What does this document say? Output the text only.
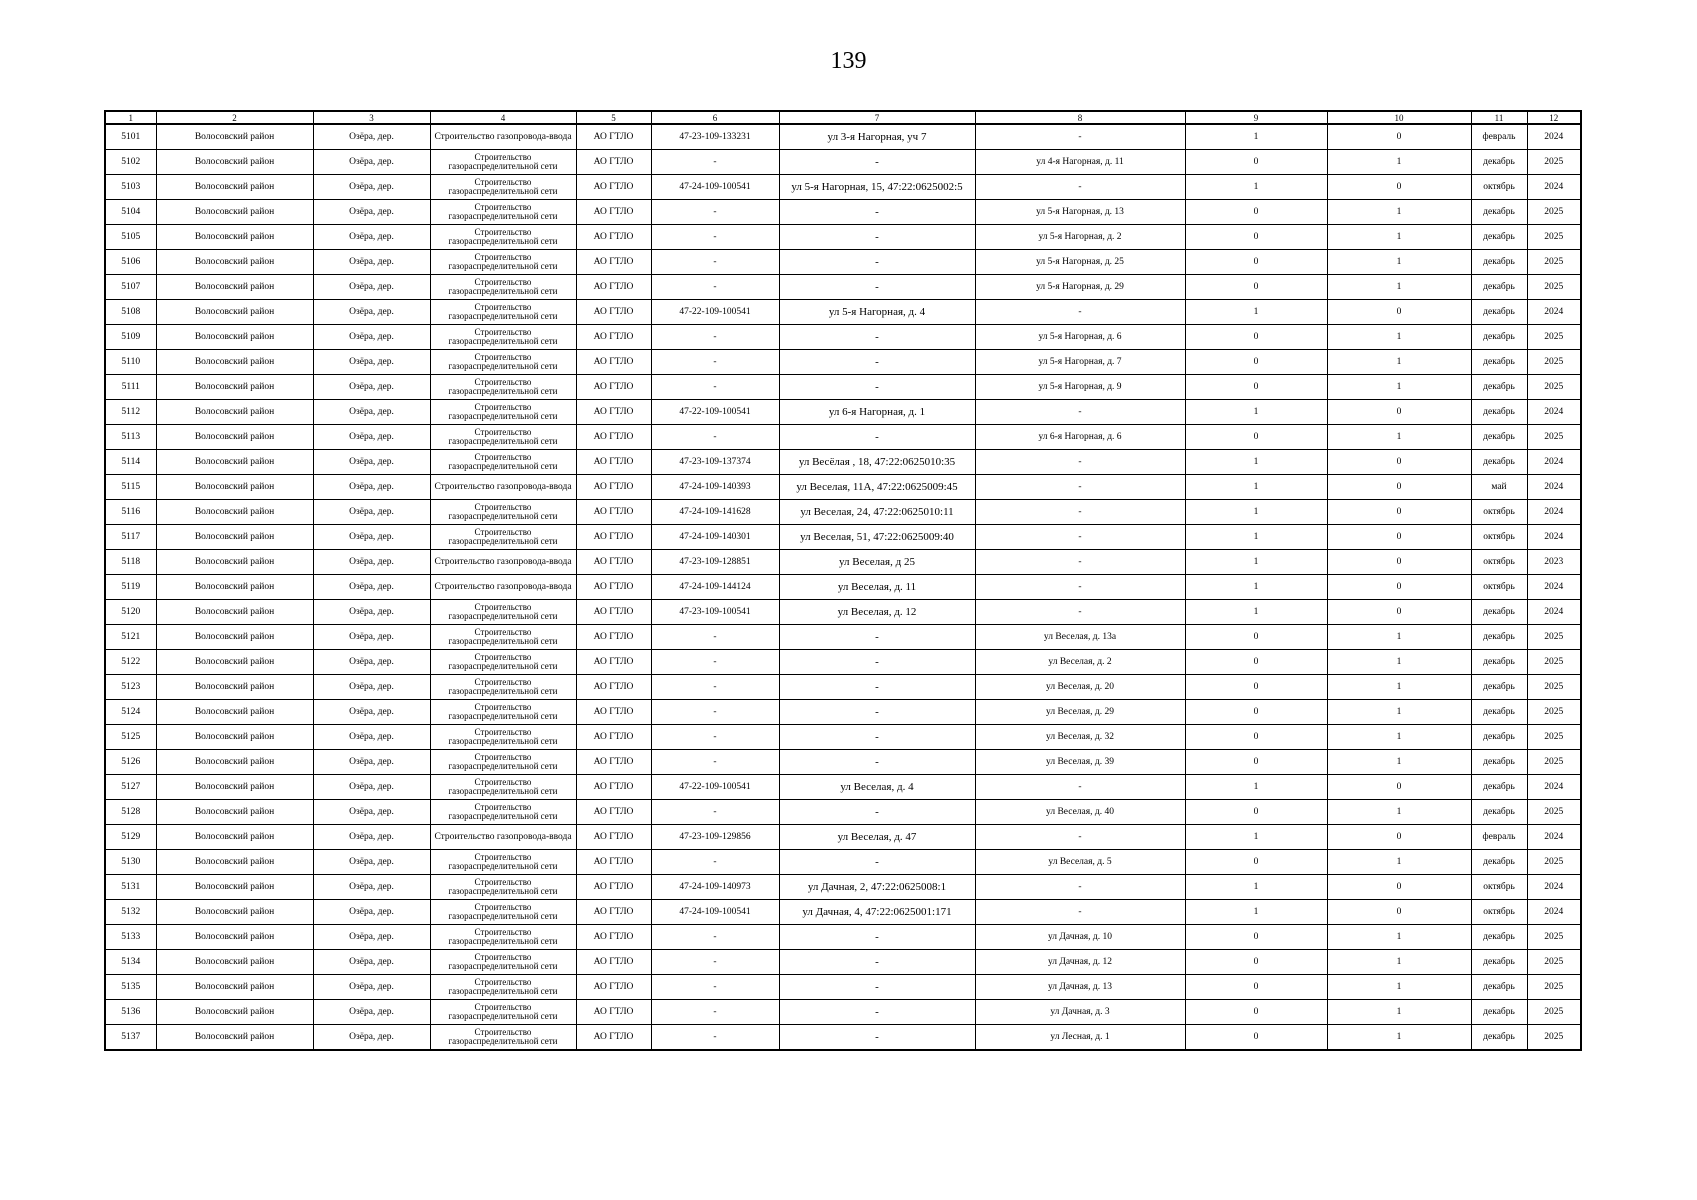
139
1	2	3	4	5	6	7	8	9	10	11	12
5101	Волосовский район	Озёра, дер.	Строительство газопровода-ввода	АО ГТЛО	47-23-109-133231	ул 3-я Нагорная, уч 7	-	1	0	февраль	2024
5102	Волосовский район	Озёра, дер.	Строительство газораспределительной сети	АО ГТЛО	-	-	ул 4-я Нагорная, д. 11	0	1	декабрь	2025
5103	Волосовский район	Озёра, дер.	Строительство газораспределительной сети	АО ГТЛО	47-24-109-100541	ул 5-я Нагорная, 15, 47:22:0625002:5	-	1	0	октябрь	2024
5104	Волосовский район	Озёра, дер.	Строительство газораспределительной сети	АО ГТЛО	-	-	ул 5-я Нагорная, д. 13	0	1	декабрь	2025
5105	Волосовский район	Озёра, дер.	Строительство газораспределительной сети	АО ГТЛО	-	-	ул 5-я Нагорная, д. 2	0	1	декабрь	2025
5106	Волосовский район	Озёра, дер.	Строительство газораспределительной сети	АО ГТЛО	-	-	ул 5-я Нагорная, д. 25	0	1	декабрь	2025
5107	Волосовский район	Озёра, дер.	Строительство газораспределительной сети	АО ГТЛО	-	-	ул 5-я Нагорная, д. 29	0	1	декабрь	2025
5108	Волосовский район	Озёра, дер.	Строительство газораспределительной сети	АО ГТЛО	47-22-109-100541	ул 5-я Нагорная, д. 4	-	1	0	декабрь	2024
5109	Волосовский район	Озёра, дер.	Строительство газораспределительной сети	АО ГТЛО	-	-	ул 5-я Нагорная, д. 6	0	1	декабрь	2025
5110	Волосовский район	Озёра, дер.	Строительство газораспределительной сети	АО ГТЛО	-	-	ул 5-я Нагорная, д. 7	0	1	декабрь	2025
5111	Волосовский район	Озёра, дер.	Строительство газораспределительной сети	АО ГТЛО	-	-	ул 5-я Нагорная, д. 9	0	1	декабрь	2025
5112	Волосовский район	Озёра, дер.	Строительство газораспределительной сети	АО ГТЛО	47-22-109-100541	ул 6-я Нагорная, д. 1	-	1	0	декабрь	2024
5113	Волосовский район	Озёра, дер.	Строительство газораспределительной сети	АО ГТЛО	-	-	ул 6-я Нагорная, д. 6	0	1	декабрь	2025
5114	Волосовский район	Озёра, дер.	Строительство газораспределительной сети	АО ГТЛО	47-23-109-137374	ул Весёлая , 18, 47:22:0625010:35	-	1	0	декабрь	2024
5115	Волосовский район	Озёра, дер.	Строительство газопровода-ввода	АО ГТЛО	47-24-109-140393	ул Веселая, 11А, 47:22:0625009:45	-	1	0	май	2024
5116	Волосовский район	Озёра, дер.	Строительство газораспределительной сети	АО ГТЛО	47-24-109-141628	ул Веселая, 24, 47:22:0625010:11	-	1	0	октябрь	2024
5117	Волосовский район	Озёра, дер.	Строительство газораспределительной сети	АО ГТЛО	47-24-109-140301	ул Веселая, 51, 47:22:0625009:40	-	1	0	октябрь	2024
5118	Волосовский район	Озёра, дер.	Строительство газопровода-ввода	АО ГТЛО	47-23-109-128851	ул Веселая, д 25	-	1	0	октябрь	2023
5119	Волосовский район	Озёра, дер.	Строительство газопровода-ввода	АО ГТЛО	47-24-109-144124	ул Веселая, д. 11	-	1	0	октябрь	2024
5120	Волосовский район	Озёра, дер.	Строительство газораспределительной сети	АО ГТЛО	47-23-109-100541	ул Веселая, д. 12	-	1	0	декабрь	2024
5121	Волосовский район	Озёра, дер.	Строительство газораспределительной сети	АО ГТЛО	-	-	ул Веселая, д. 13а	0	1	декабрь	2025
5122	Волосовский район	Озёра, дер.	Строительство газораспределительной сети	АО ГТЛО	-	-	ул Веселая, д. 2	0	1	декабрь	2025
5123	Волосовский район	Озёра, дер.	Строительство газораспределительной сети	АО ГТЛО	-	-	ул Веселая, д. 20	0	1	декабрь	2025
5124	Волосовский район	Озёра, дер.	Строительство газораспределительной сети	АО ГТЛО	-	-	ул Веселая, д. 29	0	1	декабрь	2025
5125	Волосовский район	Озёра, дер.	Строительство газораспределительной сети	АО ГТЛО	-	-	ул Веселая, д. 32	0	1	декабрь	2025
5126	Волосовский район	Озёра, дер.	Строительство газораспределительной сети	АО ГТЛО	-	-	ул Веселая, д. 39	0	1	декабрь	2025
5127	Волосовский район	Озёра, дер.	Строительство газораспределительной сети	АО ГТЛО	47-22-109-100541	ул Веселая, д. 4	-	1	0	декабрь	2024
5128	Волосовский район	Озёра, дер.	Строительство газораспределительной сети	АО ГТЛО	-	-	ул Веселая, д. 40	0	1	декабрь	2025
5129	Волосовский район	Озёра, дер.	Строительство газопровода-ввода	АО ГТЛО	47-23-109-129856	ул Веселая, д. 47	-	1	0	февраль	2024
5130	Волосовский район	Озёра, дер.	Строительство газораспределительной сети	АО ГТЛО	-	-	ул Веселая, д. 5	0	1	декабрь	2025
5131	Волосовский район	Озёра, дер.	Строительство газораспределительной сети	АО ГТЛО	47-24-109-140973	ул Дачная, 2, 47:22:0625008:1	-	1	0	октябрь	2024
5132	Волосовский район	Озёра, дер.	Строительство газораспределительной сети	АО ГТЛО	47-24-109-100541	ул Дачная, 4, 47:22:0625001:171	-	1	0	октябрь	2024
5133	Волосовский район	Озёра, дер.	Строительство газораспределительной сети	АО ГТЛО	-	-	ул Дачная, д. 10	0	1	декабрь	2025
5134	Волосовский район	Озёра, дер.	Строительство газораспределительной сети	АО ГТЛО	-	-	ул Дачная, д. 12	0	1	декабрь	2025
5135	Волосовский район	Озёра, дер.	Строительство газораспределительной сети	АО ГТЛО	-	-	ул Дачная, д. 13	0	1	декабрь	2025
5136	Волосовский район	Озёра, дер.	Строительство газораспределительной сети	АО ГТЛО	-	-	ул Дачная, д. 3	0	1	декабрь	2025
5137	Волосовский район	Озёра, дер.	Строительство газораспределительной сети	АО ГТЛО	-	-	ул Лесная, д. 1	0	1	декабрь	2025
